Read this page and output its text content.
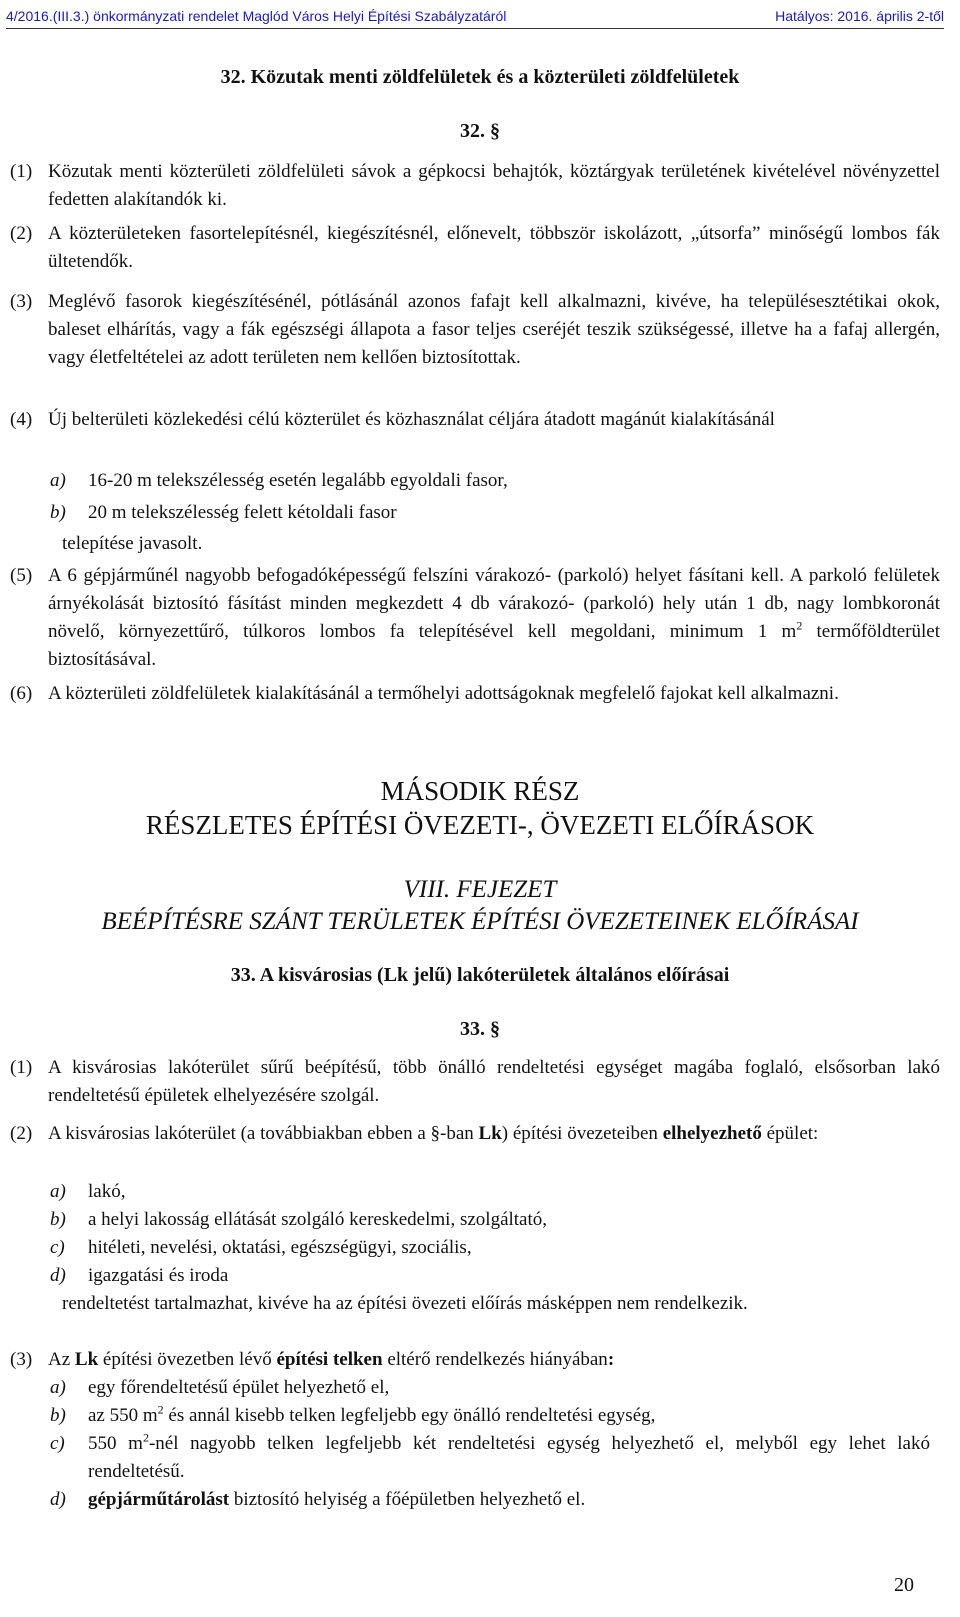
4/2016.(III.3.) önkormányzati rendelet Maglód Város Helyi Építési Szabályzatáról	Hatályos: 2016. április 2-től
32. Közutak menti zöldfelületek és a közterületi zöldfelületek
32. §
(1) Közutak menti közterületi zöldfelületi sávok a gépkocsi behajtók, köztárgyak területének kivételével növényzettel fedetten alakítandók ki.
(2) A közterületeken fasortelepítésnél, kiegészítésnél, előnevelt, többször iskolázott, „útsorfa” minőségű lombos fák ültetendők.
(3) Meglévő fasorok kiegészítésénél, pótlásánál azonos fafajt kell alkalmazni, kivéve, ha településesztétikai okok, baleset elhárítás, vagy a fák egészségi állapota a fasor teljes cseréjét teszik szükségessé, illetve ha a fafaj allergén, vagy életfeltételei az adott területen nem kellően biztosítottak.
(4) Új belterületi közlekedési célú közterület és közhasználat céljára átadott magánút kialakításánál
a) 16-20 m telekszélesség esetén legalább egyoldali fasor,
b) 20 m telekszélesség felett kétoldali fasor
telepítése javasolt.
(5) A 6 gépjárműnél nagyobb befogadóképességű felszíni várakozó- (parkoló) helyet fásítani kell. A parkoló felületek árnyékolását biztosító fásítást minden megkezdett 4 db várakozó- (parkoló) hely után 1 db, nagy lombkoronát növelő, környezettűrő, túlkoros lombos fa telepítésével kell megoldani, minimum 1 $m^2$ termőföldterület biztosításával.
(6) A közterületi zöldfelületek kialakításánál a termőhelyi adottságoknak megfelelő fajokat kell alkalmazni.
MÁSODIK RÉSZ
RÉSZLETES ÉPÍTÉSI ÖVEZETI-, ÖVEZETI ELŐÍRÁSOK
VIII. FEJEZET
BEÉPÍTÉSRE SZÁNT TERÜLETEK ÉPÍTÉSI ÖVEZETEINEK ELŐÍRÁSAI
33. A kisvárosias (Lk jelű) lakóterületek általános előírásai
33. §
(1) A kisvárosias lakóterület sűrű beépítésű, több önálló rendeltetési egységet magába foglaló, elsősorban lakó rendeltetésű épületek elhelyezésére szolgál.
(2) A kisvárosias lakóterület (a továbbiakban ebben a §-ban Lk) építési övezeteiben elhelyezhető épület:
a) lakó,
b) a helyi lakosság ellátását szolgáló kereskedelmi, szolgáltató,
c) hitéleti, nevelési, oktatási, egészségügyi, szociális,
d) igazgatási és iroda
rendeltetést tartalmazhat, kivéve ha az építési övezeti előírás másképpen nem rendelkezik.
(3) Az Lk építési övezetben lévő építési telken eltérő rendelkezés hiányában:
a) egy főrendeltetésű épület helyezhető el,
b) az 550 $m^2$ és annál kisebb telken legfeljebb egy önálló rendeltetési egység,
c)	550 $m^2$-nél nagyobb telken legfeljebb két rendeltetési egység helyezhető el, melyből egy lehet lakó rendeltetésű.
d) gépjárműtárolást biztosító helyiség a főépületben helyezhető el.
20
